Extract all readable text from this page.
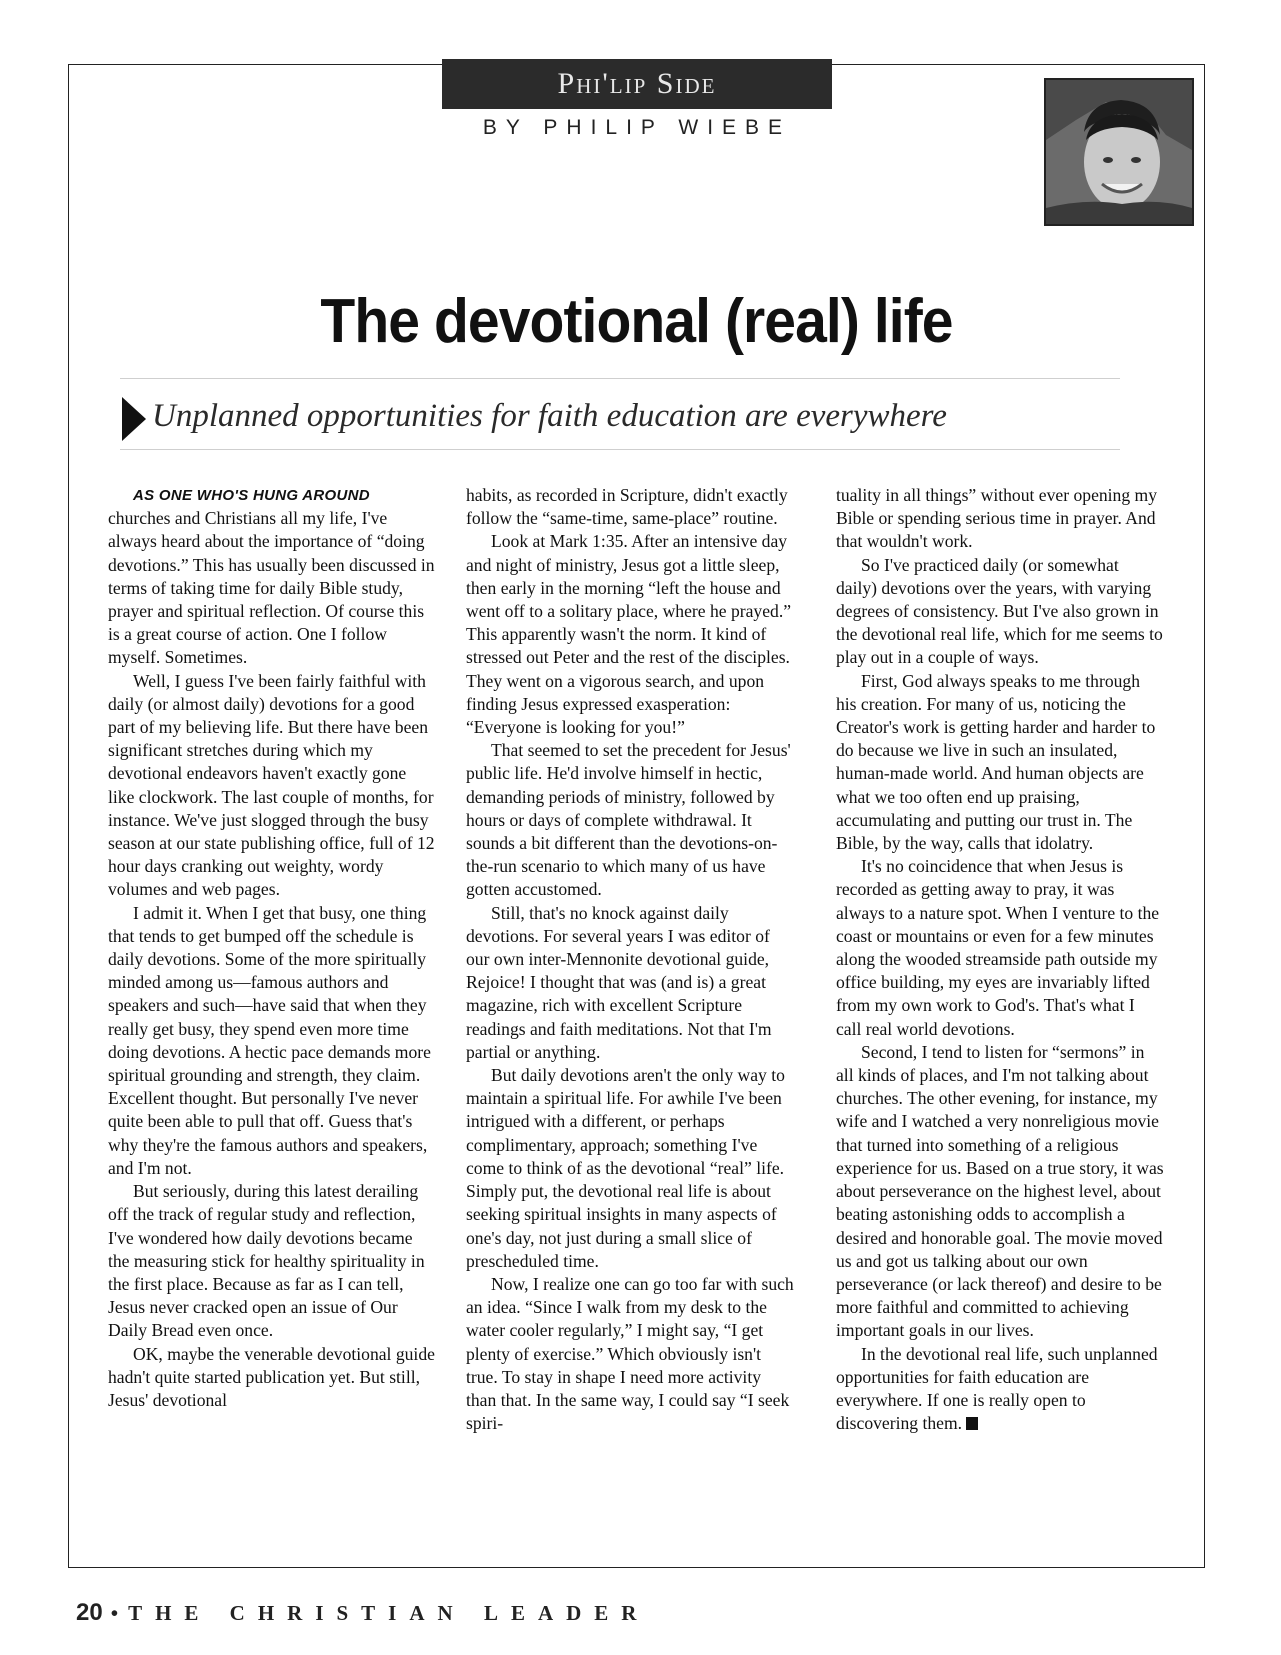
Phi'lip Side
BY PHILIP WIEBE
The devotional (real) life
Unplanned opportunities for faith education are everywhere
AS ONE WHO'S HUNG AROUND

churches and Christians all my life, I've always heard about the importance of “doing devotions.” This has usually been discussed in terms of taking time for daily Bible study, prayer and spiritual reflection. Of course this is a great course of action. One I follow myself. Sometimes.

Well, I guess I've been fairly faithful with daily (or almost daily) devotions for a good part of my believing life. But there have been significant stretches during which my devotional endeavors haven't exactly gone like clockwork. The last couple of months, for instance. We've just slogged through the busy season at our state publishing office, full of 12 hour days cranking out weighty, wordy volumes and web pages.

I admit it. When I get that busy, one thing that tends to get bumped off the schedule is daily devotions. Some of the more spiritually minded among us—famous authors and speakers and such—have said that when they really get busy, they spend even more time doing devotions. A hectic pace demands more spiritual grounding and strength, they claim. Excellent thought. But personally I've never quite been able to pull that off. Guess that's why they're the famous authors and speakers, and I'm not.

But seriously, during this latest derailing off the track of regular study and reflection, I've wondered how daily devotions became the measuring stick for healthy spirituality in the first place. Because as far as I can tell, Jesus never cracked open an issue of Our Daily Bread even once.

OK, maybe the venerable devotional guide hadn't quite started publication yet. But still, Jesus' devotional

habits, as recorded in Scripture, didn't exactly follow the “same-time, same-place” routine.

Look at Mark 1:35. After an intensive day and night of ministry, Jesus got a little sleep, then early in the morning “left the house and went off to a solitary place, where he prayed.” This apparently wasn't the norm. It kind of stressed out Peter and the rest of the disciples. They went on a vigorous search, and upon finding Jesus expressed exasperation: “Everyone is looking for you!”

That seemed to set the precedent for Jesus' public life. He'd involve himself in hectic, demanding periods of ministry, followed by hours or days of complete withdrawal. It sounds a bit different than the devotions-on-the-run scenario to which many of us have gotten accustomed.

Still, that's no knock against daily devotions. For several years I was editor of our own inter-Mennonite devotional guide, Rejoice! I thought that was (and is) a great magazine, rich with excellent Scripture readings and faith meditations. Not that I'm partial or anything.

But daily devotions aren't the only way to maintain a spiritual life. For awhile I've been intrigued with a different, or perhaps complimentary, approach; something I've come to think of as the devotional “real” life. Simply put, the devotional real life is about seeking spiritual insights in many aspects of one's day, not just during a small slice of prescheduled time.

Now, I realize one can go too far with such an idea. “Since I walk from my desk to the water cooler regularly,” I might say, “I get plenty of exercise.” Which obviously isn't true. To stay in shape I need more activity than that. In the same way, I could say “I seek spiri-

tuality in all things” without ever opening my Bible or spending serious time in prayer. And that wouldn't work.

So I've practiced daily (or somewhat daily) devotions over the years, with varying degrees of consistency. But I've also grown in the devotional real life, which for me seems to play out in a couple of ways.

First, God always speaks to me through his creation. For many of us, noticing the Creator's work is getting harder and harder to do because we live in such an insulated, human-made world. And human objects are what we too often end up praising, accumulating and putting our trust in. The Bible, by the way, calls that idolatry.

It's no coincidence that when Jesus is recorded as getting away to pray, it was always to a nature spot. When I venture to the coast or mountains or even for a few minutes along the wooded streamside path outside my office building, my eyes are invariably lifted from my own work to God's. That's what I call real world devotions.

Second, I tend to listen for “sermons” in all kinds of places, and I'm not talking about churches. The other evening, for instance, my wife and I watched a very nonreligious movie that turned into something of a religious experience for us. Based on a true story, it was about perseverance on the highest level, about beating astonishing odds to accomplish a desired and honorable goal. The movie moved us and got us talking about our own perseverance (or lack thereof) and desire to be more faithful and committed to achieving important goals in our lives.

In the devotional real life, such unplanned opportunities for faith education are everywhere. If one is really open to discovering them.

20 • THE CHRISTIAN LEADER
